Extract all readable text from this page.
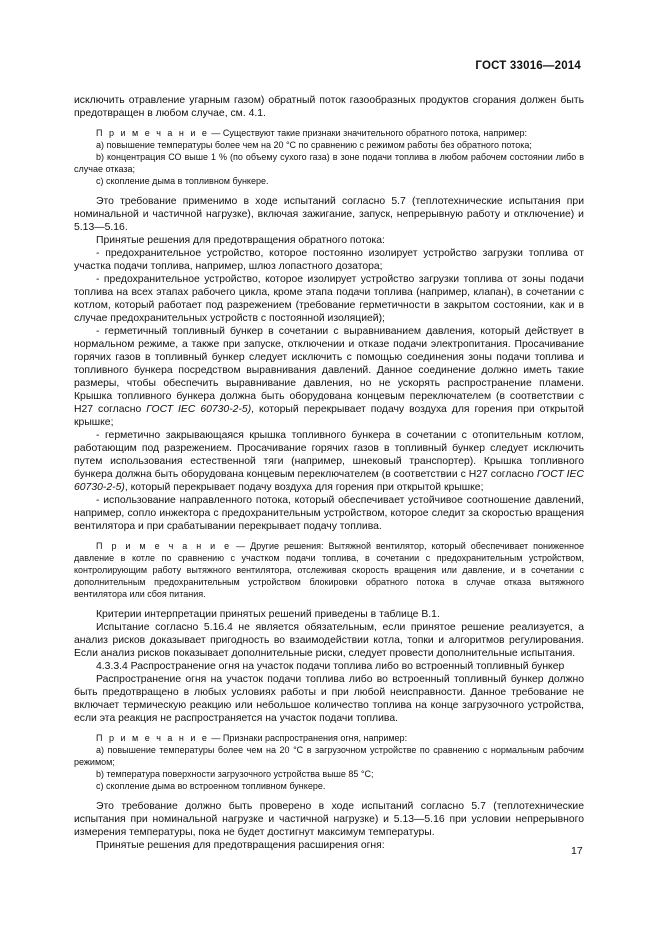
ГОСТ 33016—2014

исключить отравление угарным газом) обратный поток газообразных продуктов сгорания должен быть предотвращен в любом случае, см. 4.1.

П р и м е ч а н и е — Существуют такие признаки значительного обратного потока, например:

а) повышение температуры более чем на 20 °С по сравнению с режимом работы без обратного потока;

b) концентрация СО выше 1 % (по объему сухого газа) в зоне подачи топлива в любом рабочем состоянии либо в случае отказа;

с) скопление дыма в топливном бункере.

Это требование применимо в ходе испытаний согласно 5.7 (теплотехнические испытания при номинальной и частичной нагрузке), включая зажигание, запуск, непрерывную работу и отключение) и 5.13—5.16.

Принятые решения для предотвращения обратного потока:

- предохранительное устройство, которое постоянно изолирует устройство загрузки топлива от участка подачи топлива, например, шлюз лопастного дозатора;

- предохранительное устройство, которое изолирует устройство загрузки топлива от зоны подачи топлива на всех этапах рабочего цикла, кроме этапа подачи топлива (например, клапан), в сочетании с котлом, который работает под разрежением (требование герметичности в закрытом состоянии, как и в случае предохранительных устройств с постоянной изоляцией);

- герметичный топливный бункер в сочетании с выравниванием давления, который действует в нормальном режиме, а также при запуске, отключении и отказе подачи электропитания. Просачивание горячих газов в топливный бункер следует исключить с помощью соединения зоны подачи топлива и топливного бункера посредством выравнивания давлений. Данное соединение должно иметь такие размеры, чтобы обеспечить выравнивание давления, но не ускорять распространение пламени. Крышка топливного бункера должна быть оборудована концевым переключателем (в соответствии с Н27 согласно ГОСТ IEC 60730-2-5), который перекрывает подачу воздуха для горения при открытой крышке;

- герметично закрывающаяся крышка топливного бункера в сочетании с отопительным котлом, работающим под разрежением. Просачивание горячих газов в топливный бункер следует исключить путем использования естественной тяги (например, шнековый транспортер). Крышка топливного бункера должна быть оборудована концевым переключателем (в соответствии с Н27 согласно ГОСТ IEC 60730-2-5), который перекрывает подачу воздуха для горения при открытой крышке;

- использование направленного потока, который обеспечивает устойчивое соотношение давлений, например, сопло инжектора с предохранительным устройством, которое следит за скоростью вращения вентилятора и при срабатывании перекрывает подачу топлива.

П р и м е ч а н и е — Другие решения: Вытяжной вентилятор, который обеспечивает пониженное давление в котле по сравнению с участком подачи топлива, в сочетании с предохранительным устройством, контролирующим работу вытяжного вентилятора, отслеживая скорость вращения или давление, и в сочетании с дополнительным предохранительным устройством блокировки обратного потока в случае отказа вытяжного вентилятора или сбоя питания.

Критерии интерпретации принятых решений приведены в таблице В.1.

Испытание согласно 5.16.4 не является обязательным, если принятое решение реализуется, а анализ рисков доказывает пригодность во взаимодействии котла, топки и алгоритмов регулирования. Если анализ рисков показывает дополнительные риски, следует провести дополнительные испытания.

4.3.3.4 Распространение огня на участок подачи топлива либо во встроенный топливный бункер

Распространение огня на участок подачи топлива либо во встроенный топливный бункер должно быть предотвращено в любых условиях работы и при любой неисправности. Данное требование не включает термическую реакцию или небольшое количество топлива на конце загрузочного устройства, если эта реакция не распространяется на участок подачи топлива.

П р и м е ч а н и е — Признаки распространения огня, например:

а) повышение температуры более чем на 20 °С в загрузочном устройстве по сравнению с нормальным рабочим режимом;

b) температура поверхности загрузочного устройства выше 85 °С;

с) скопление дыма во встроенном топливном бункере.

Это требование должно быть проверено в ходе испытаний согласно 5.7 (теплотехнические испытания при номинальной нагрузке и частичной нагрузке) и 5.13—5.16 при условии непрерывного измерения температуры, пока не будет достигнут максимум температуры.

Принятые решения для предотвращения расширения огня:	17
